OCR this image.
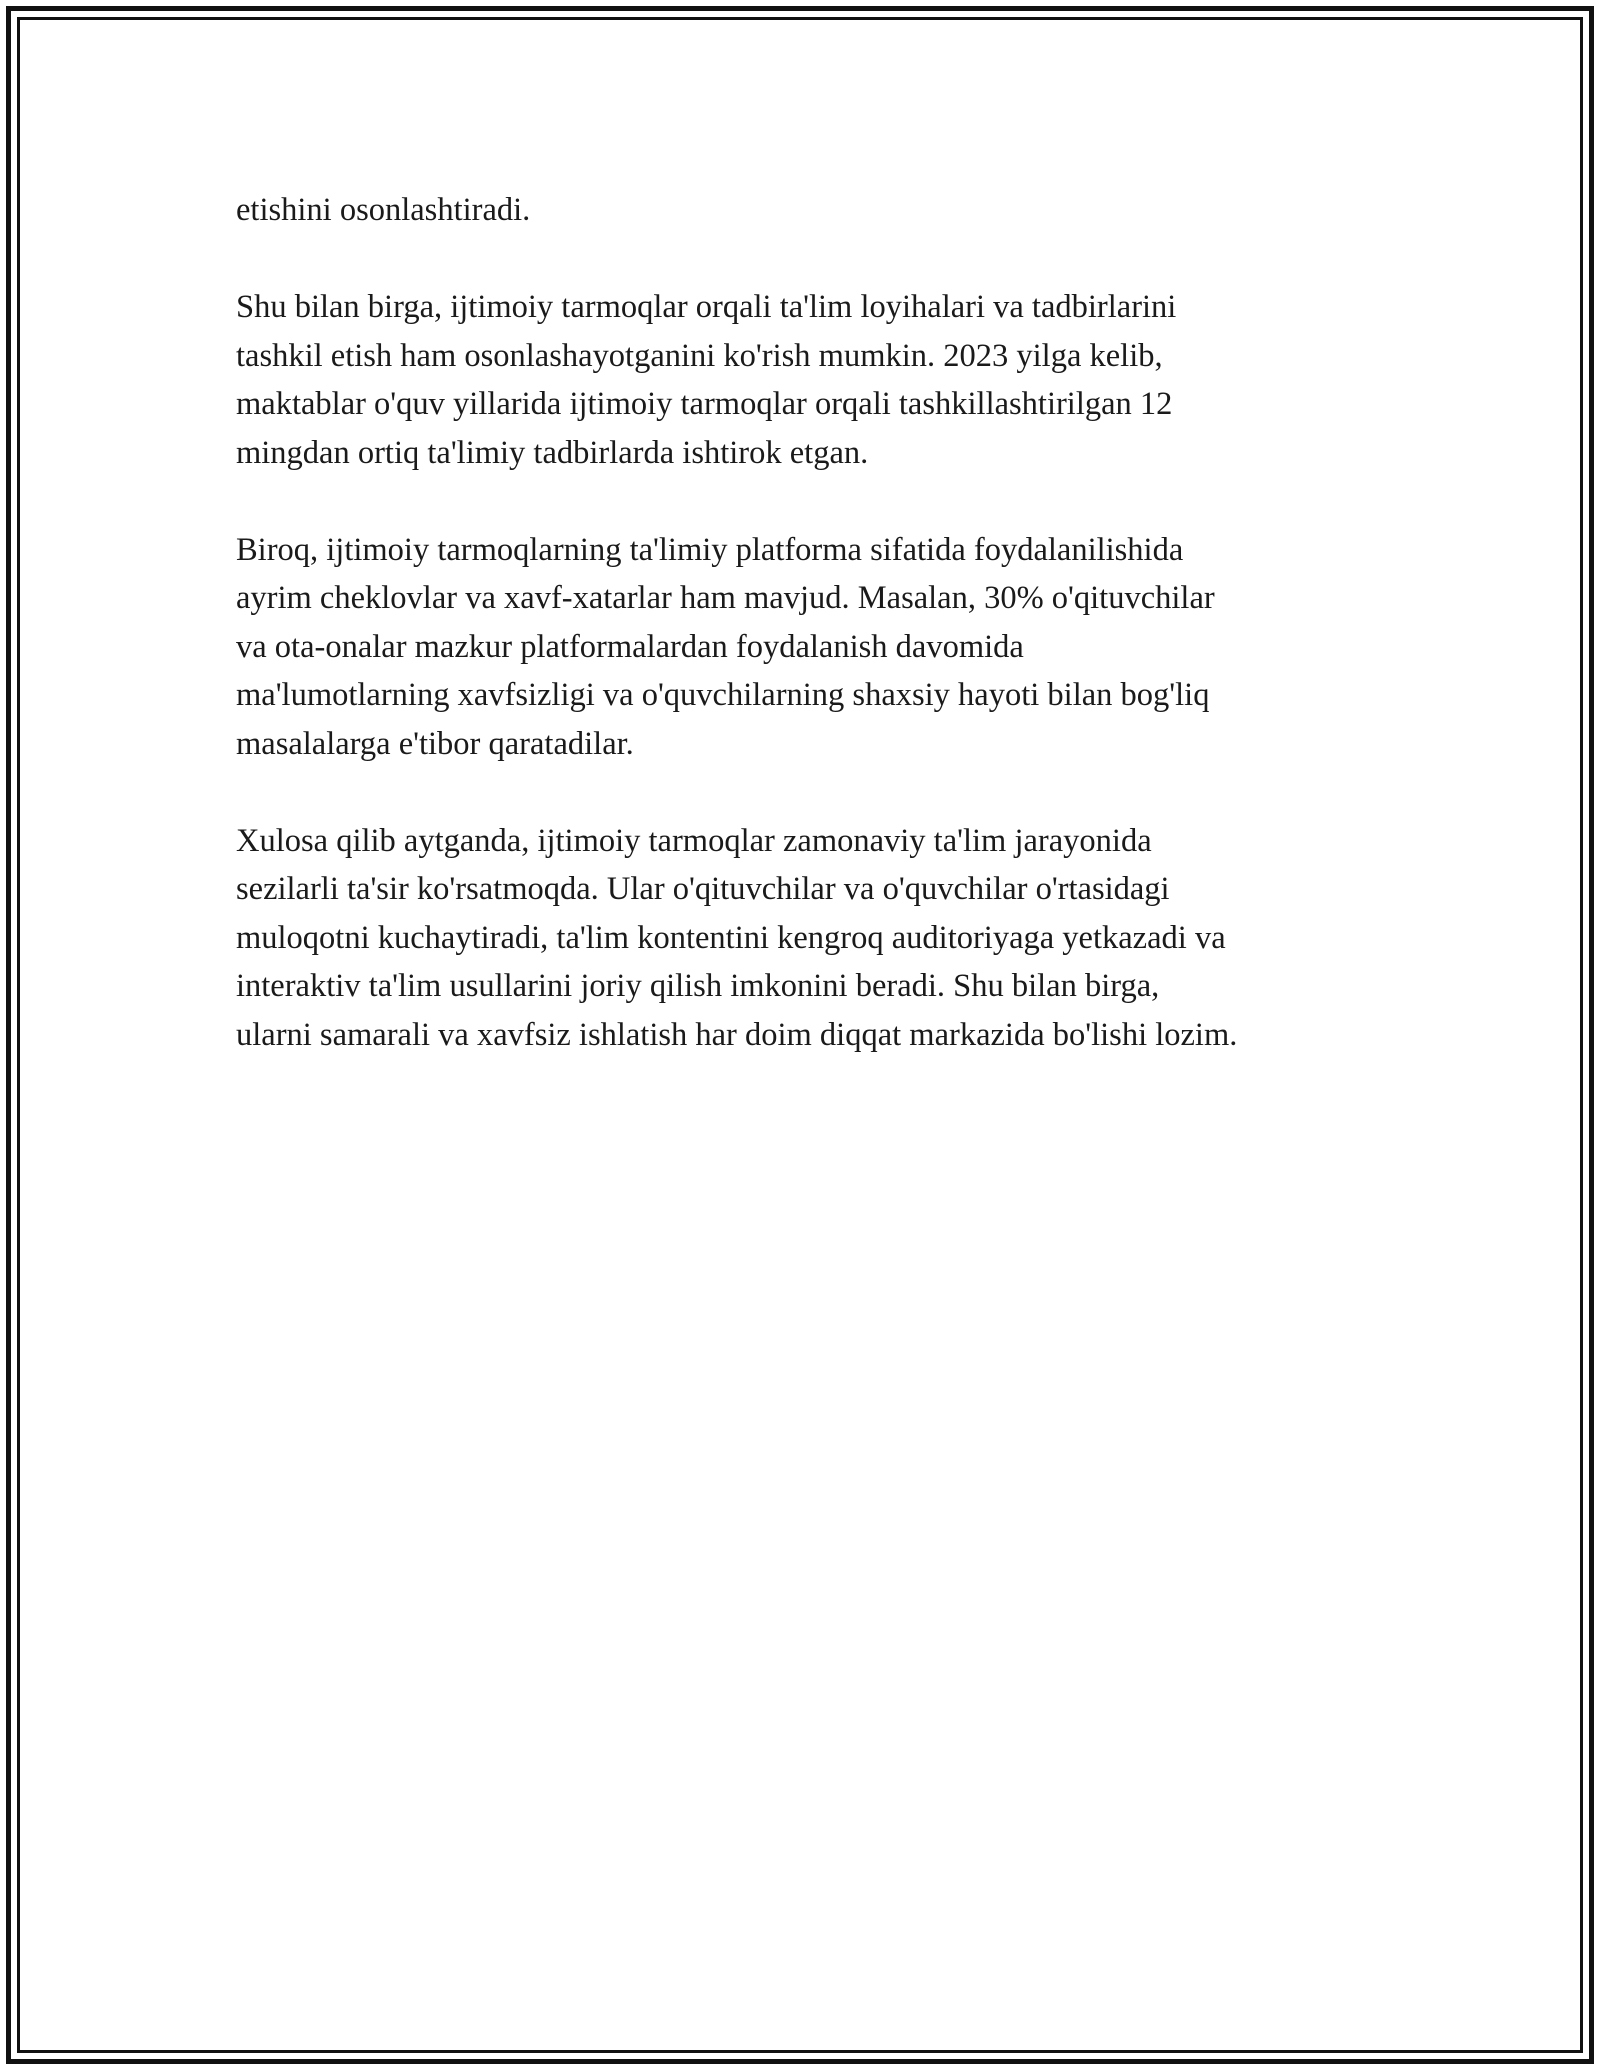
etishini osonlashtiradi.

Shu bilan birga, ijtimoiy tarmoqlar orqali ta'lim loyihalari va tadbirlarini
tashkil etish ham osonlashayotganini ko'rish mumkin. 2023 yilga kelib,
maktablar o'quv yillarida ijtimoiy tarmoqlar orqali tashkillashtirilgan 12
mingdan ortiq ta'limiy tadbirlarda ishtirok etgan.

Biroq, ijtimoiy tarmoqlarning ta'limiy platforma sifatida foydalanilishida
ayrim cheklovlar va xavf-xatarlar ham mavjud. Masalan, 30% o'qituvchilar
va ota-onalar mazkur platformalardan foydalanish davomida
ma'lumotlarning xavfsizligi va o'quvchilarning shaxsiy hayoti bilan bog'liq
masalalarga e'tibor qaratadilar.

Xulosa qilib aytganda, ijtimoiy tarmoqlar zamonaviy ta'lim jarayonida
sezilarli ta'sir ko'rsatmoqda. Ular o'qituvchilar va o'quvchilar o'rtasidagi
muloqotni kuchaytiradi, ta'lim kontentini kengroq auditoriyaga yetkazadi va
interaktiv ta'lim usullarini joriy qilish imkonini beradi. Shu bilan birga,
ularni samarali va xavfsiz ishlatish har doim diqqat markazida bo'lishi lozim.
